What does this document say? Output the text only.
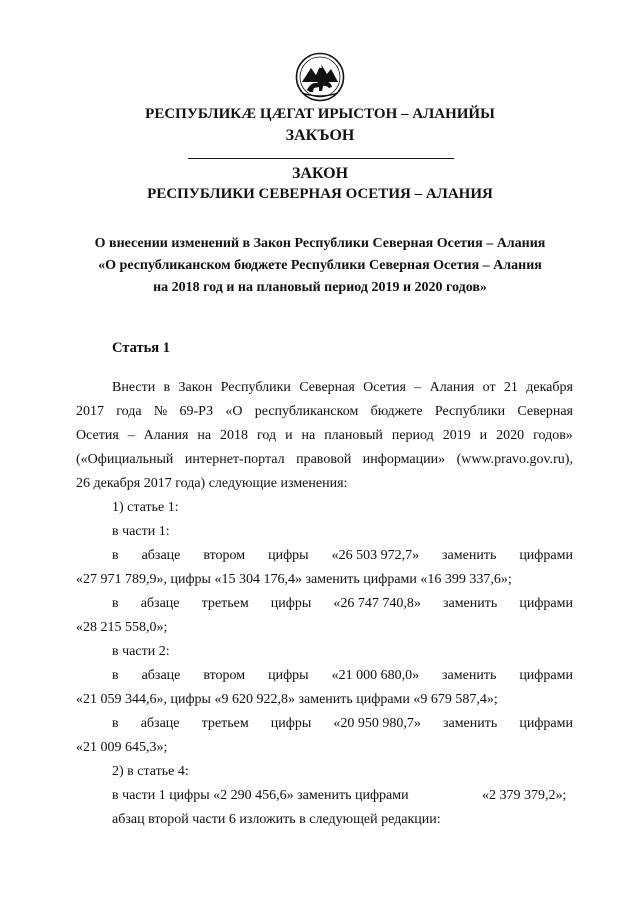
РЕСПУБЛИКÆ ЦÆГАТ ИРЫСТОН – АЛАНИЙЫ
ЗАКЪОН
ЗАКОН
РЕСПУБЛИКИ СЕВЕРНАЯ ОСЕТИЯ – АЛАНИЯ
О внесении изменений в Закон Республики Северная Осетия – Алания
«О республиканском бюджете Республики Северная Осетия – Алания
на 2018 год и на плановый период 2019 и 2020 годов»
Статья 1
Внести в Закон Республики Северная Осетия – Алания от 21 декабря
2017 года № 69-РЗ «О республиканском бюджете Республики Северная
Осетия – Алания на 2018 год и на плановый период 2019 и 2020 годов»
(«Официальный интернет-портал правовой информации» (www.pravo.gov.ru),
26 декабря 2017 года) следующие изменения:
1) статье 1:
в части 1:
в абзаце втором цифры «26 503 972,7» заменить цифрами
«27 971 789,9», цифры «15 304 176,4» заменить цифрами «16 399 337,6»;
в абзаце третьем цифры «26 747 740,8» заменить цифрами
«28 215 558,0»;
в части 2:
в абзаце втором цифры «21 000 680,0» заменить цифрами
«21 059 344,6», цифры «9 620 922,8» заменить цифрами «9 679 587,4»;
в абзаце третьем цифры «20 950 980,7» заменить цифрами
«21 009 645,3»;
2) в статье 4:
в части 1 цифры «2 290 456,6» заменить цифрами	«2 379 379,2»;
абзац второй части 6 изложить в следующей редакции:
